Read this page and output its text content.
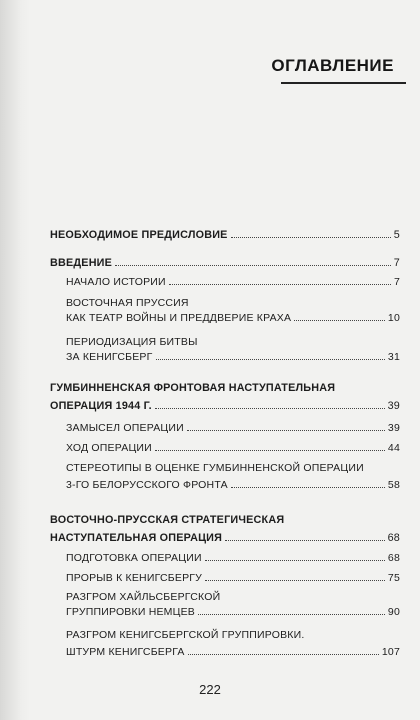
ОГЛАВЛЕНИЕ
НЕОБХОДИМОЕ ПРЕДИСЛОВИЕ	5
ВВЕДЕНИЕ	7
НАЧАЛО ИСТОРИИ	7
ВОСТОЧНАЯ ПРУССИЯ
КАК ТЕАТР ВОЙНЫ И ПРЕДДВЕРИЕ КРАХА	10
ПЕРИОДИЗАЦИЯ БИТВЫ
ЗА КЕНИГСБЕРГ	31
ГУМБИННЕНСКАЯ ФРОНТОВАЯ НАСТУПАТЕЛЬНАЯ
ОПЕРАЦИЯ 1944 Г.	39
ЗАМЫСЕЛ ОПЕРАЦИИ	39
ХОД ОПЕРАЦИИ	44
СТЕРЕОТИПЫ В ОЦЕНКЕ ГУМБИННЕНСКОЙ ОПЕРАЦИИ
3-ГО БЕЛОРУССКОГО ФРОНТА	58
ВОСТОЧНО-ПРУССКАЯ СТРАТЕГИЧЕСКАЯ
НАСТУПАТЕЛЬНАЯ ОПЕРАЦИЯ	68
ПОДГОТОВКА ОПЕРАЦИИ	68
ПРОРЫВ К КЕНИГСБЕРГУ	75
РАЗГРОМ ХАЙЛЬСБЕРГСКОЙ
ГРУППИРОВКИ НЕМЦЕВ	90
РАЗГРОМ КЕНИГСБЕРГСКОЙ ГРУППИРОВКИ.
ШТУРМ КЕНИГСБЕРГА	107
222
